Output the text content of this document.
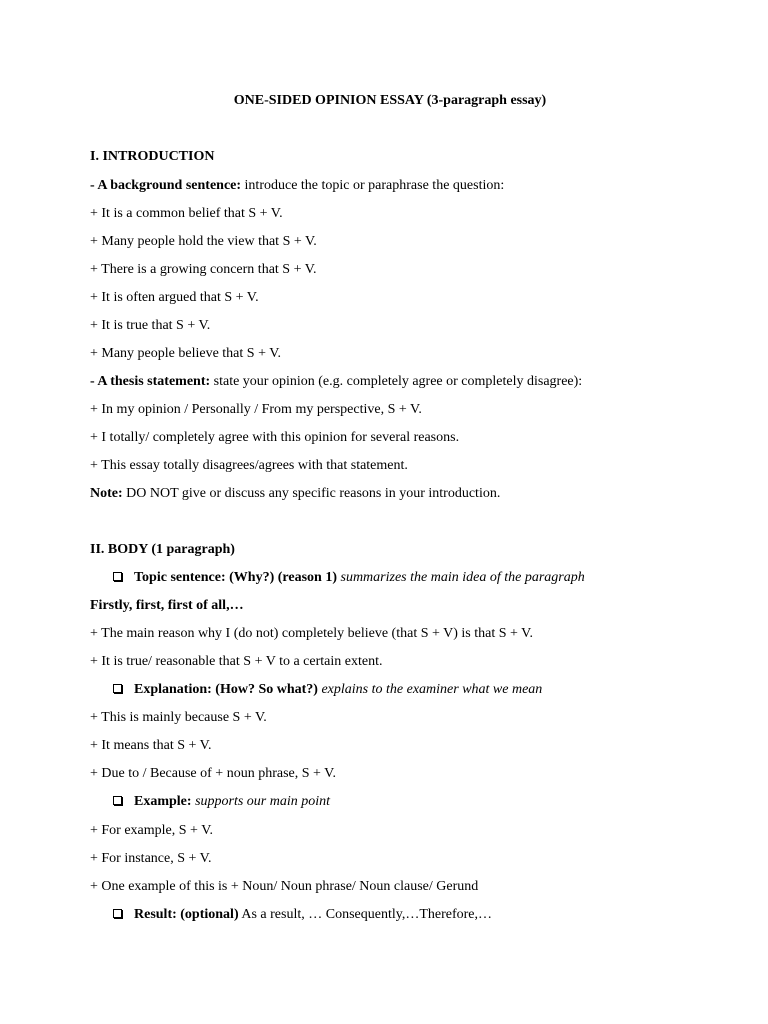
ONE-SIDED OPINION ESSAY (3-paragraph essay)
I. INTRODUCTION
- A background sentence: introduce the topic or paraphrase the question:
+ It is a common belief that S + V.
+ Many people hold the view that S + V.
+ There is a growing concern that S + V.
+ It is often argued that S + V.
+ It is true that S + V.
+ Many people believe that S + V.
- A thesis statement: state your opinion (e.g. completely agree or completely disagree):
+ In my opinion / Personally / From my perspective, S + V.
+ I totally/ completely agree with this opinion for several reasons.
+ This essay totally disagrees/agrees with that statement.
Note: DO NOT give or discuss any specific reasons in your introduction.
II. BODY (1 paragraph)
Topic sentence: (Why?) (reason 1) summarizes the main idea of the paragraph
Firstly, first, first of all,…
+ The main reason why I (do not) completely believe (that S + V) is that S + V.
+ It is true/ reasonable that S + V to a certain extent.
Explanation: (How? So what?) explains to the examiner what we mean
+ This is mainly because S + V.
+ It means that S + V.
+ Due to / Because of + noun phrase, S + V.
Example: supports our main point
+ For example, S + V.
+ For instance, S + V.
+ One example of this is + Noun/ Noun phrase/ Noun clause/ Gerund
Result: (optional) As a result, … Consequently,…Therefore,…
